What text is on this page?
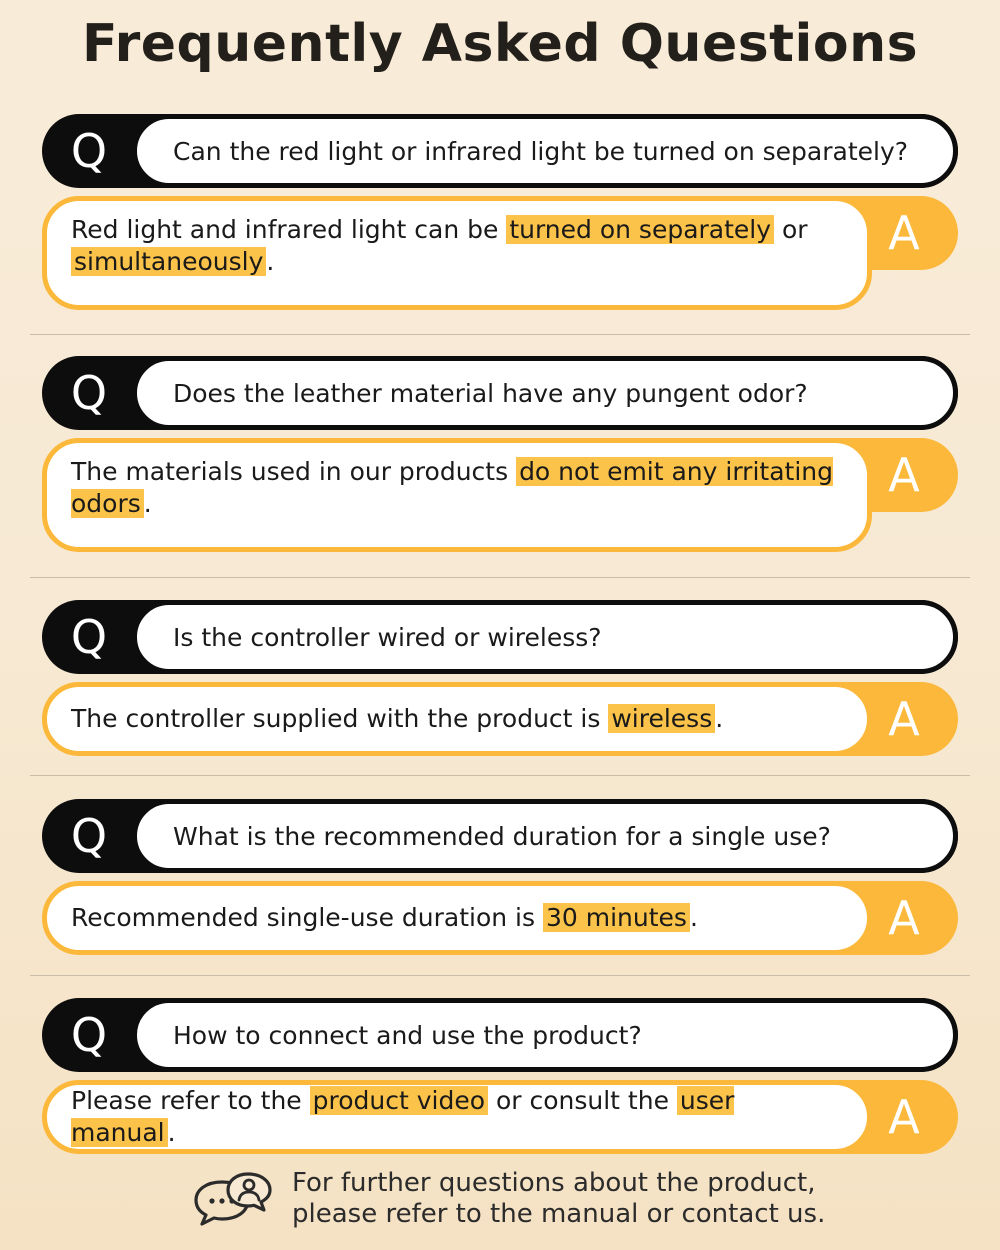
Frequently Asked Questions
Q	Can the red light or infrared light be turned on separately?
A
Red light and infrared light can be turned on separately or simultaneously .
Q	Does the leather material have any pungent odor?
A
The materials used in our products do not emit any irritating odors .
Q	Is the controller wired or wireless?
A
The controller supplied with the product is wireless .
Q	What is the recommended duration for a single use?
A
Recommended single-use duration is 30 minutes .
Q	How to connect and use the product?
A
Please refer to the product video or consult the user manual .
For further questions about the product,
please refer to the manual or contact us.
